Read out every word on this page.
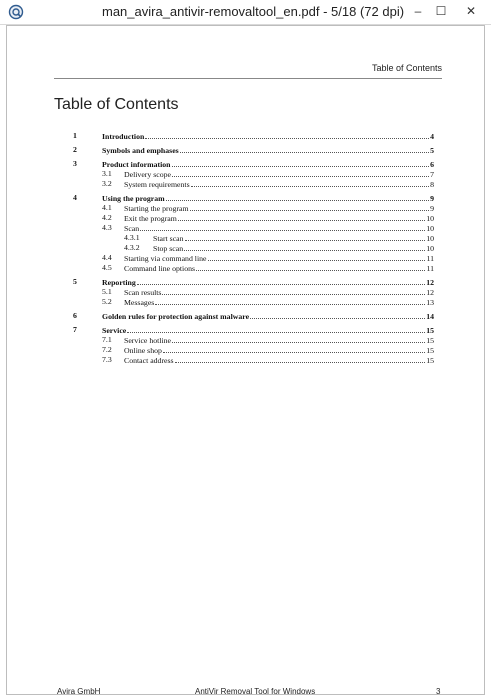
man_avira_antivir-removaltool_en.pdf - 5/18 (72 dpi) – ☐ ✕
Table of Contents
Table of Contents
1	Introduction	4
2	Symbols and emphases	5
3	Product information	6
3.1 Delivery scope	7
3.2 System requirements	8
4	Using the program	9
4.1 Starting the program	9
4.2 Exit the program	10
4.3 Scan	10
4.3.1 Start scan	10
4.3.2 Stop scan	10
4.4 Starting via command line	11
4.5 Command line options	11
5	Reporting	12
5.1 Scan results	12
5.2 Messages	13
6	Golden rules for protection against malware	14
7	Service	15
7.1 Service hotline	15
7.2 Online shop	15
7.3 Contact address	15
Avira GmbH	AntiVir Removal Tool for Windows	3
